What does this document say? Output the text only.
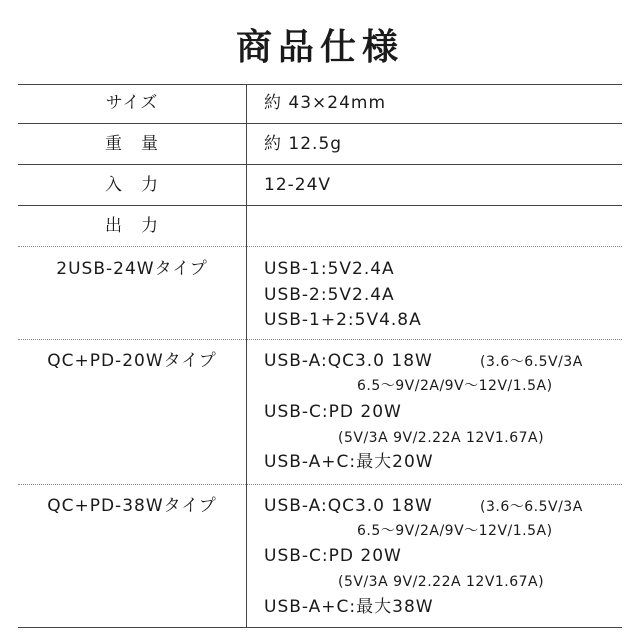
商品仕様
サイズ	約 43×24mm
重　量	約 12.5g
入　力	12-24V
出　力
2USB-24Wタイプ	USB-1:5V2.4A
USB-2:5V2.4A
USB-1+2:5V4.8A
QC+PD-20Wタイプ	USB-A:QC3.0 18W	(3.6～6.5V/3A
6.5～9V/2A/9V～12V/1.5A)
USB-C:PD 20W
(5V/3A 9V/2.22A 12V1.67A)
USB-A+C:最大20W
QC+PD-38Wタイプ	USB-A:QC3.0 18W	(3.6～6.5V/3A
6.5～9V/2A/9V～12V/1.5A)
USB-C:PD 20W
(5V/3A 9V/2.22A 12V1.67A)
USB-A+C:最大38W
